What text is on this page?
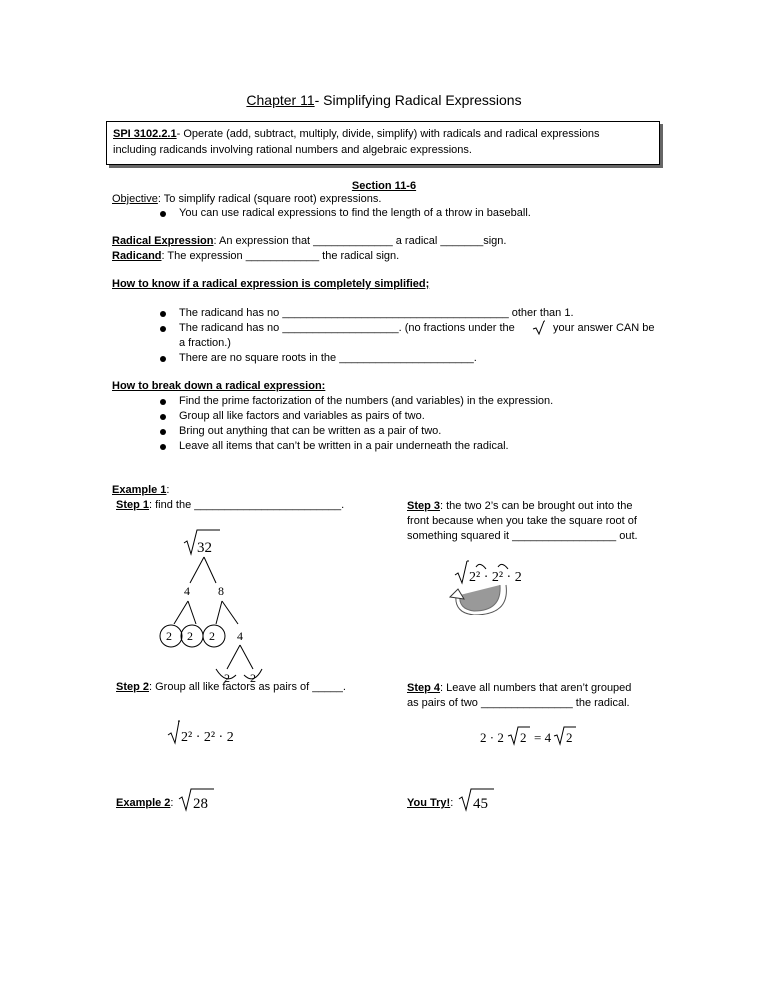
Chapter 11- Simplifying Radical Expressions
SPI 3102.2.1- Operate (add, subtract, multiply, divide, simplify) with radicals and radical expressions
including radicands involving rational numbers and algebraic expressions.
Section 11-6
Objective: To simplify radical (square root) expressions.
You can use radical expressions to find the length of a throw in baseball.
Radical Expression: An expression that _____________ a radical _______sign.
Radicand: The expression ____________ the radical sign.
How to know if a radical expression is completely simplified;
The radicand has no _____________________________________ other than 1.
The radicand has no ___________________. (no fractions under the	your answer CAN be
a fraction.)
There are no square roots in the ______________________.
How to break down a radical expression:
Find the prime factorization of the numbers (and variables) in the expression.
Group all like factors and variables as pairs of two.
Bring out anything that can be written as a pair of two.
Leave all items that can’t be written in a pair underneath the radical.
Example 1:
Step 1: find the ________________________.
32
4 8
2 2 2 4
2 2
Step 2: Group all like factors as pairs of _____.
2² · 2² · 2
Example 2: 28
Step 3: the two 2’s can be brought out into the
front because when you take the square root of
something squared it _________________ out.
2² · 2² · 2
Step 4: Leave all numbers that aren’t grouped
as pairs of two _______________ the radical.
2 · 2 2 = 4 2
You Try!: 45
